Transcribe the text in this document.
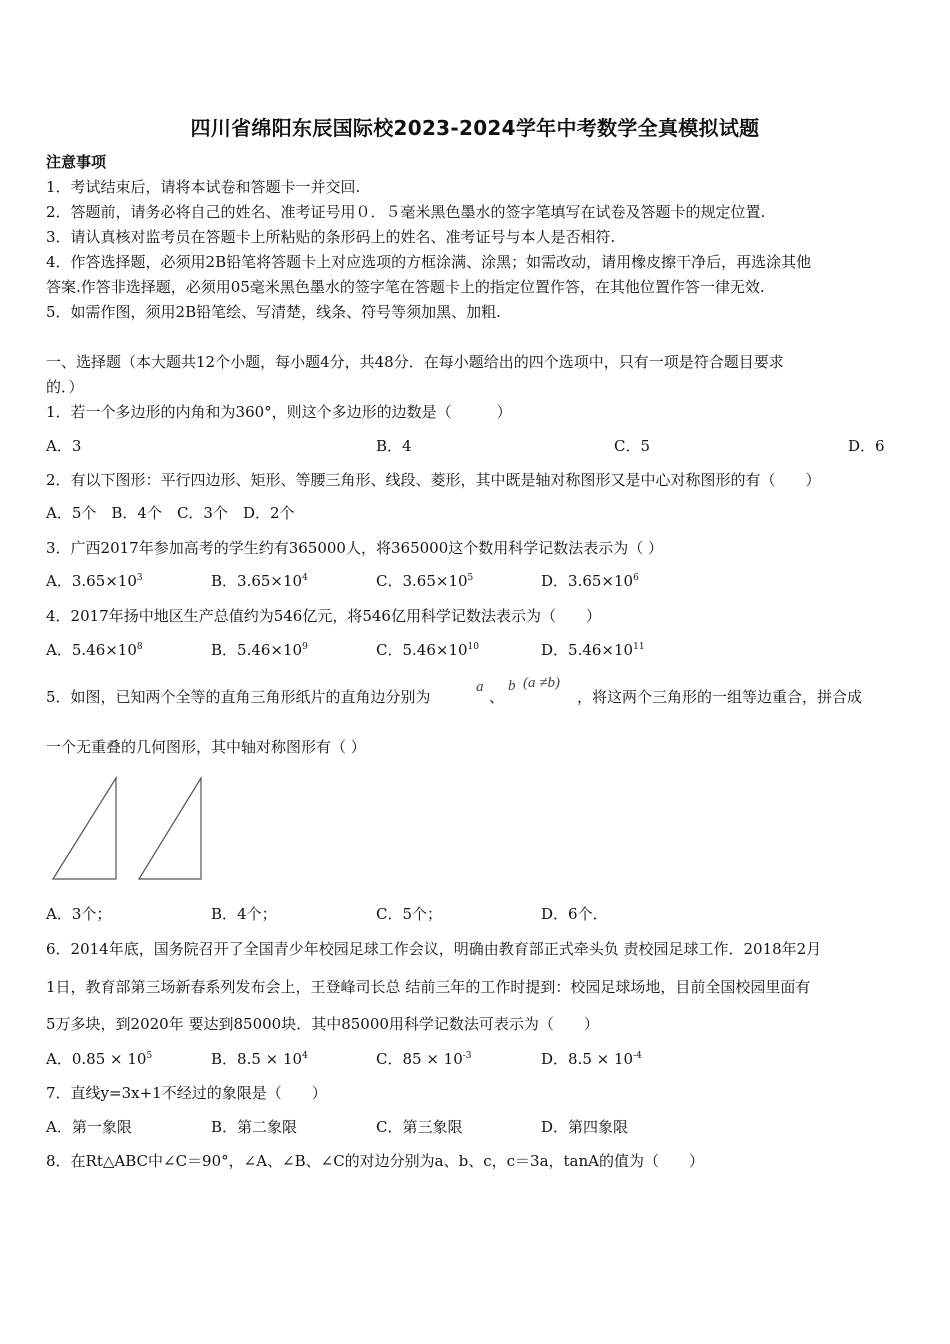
四川省绵阳东辰国际校2023-2024学年中考数学全真模拟试题
注意事项
1．考试结束后，请将本试卷和答题卡一并交回.
2．答题前，请务必将自己的姓名、准考证号用０．５毫米黑色墨水的签字笔填写在试卷及答题卡的规定位置.
3．请认真核对监考员在答题卡上所粘贴的条形码上的姓名、准考证号与本人是否相符.
4．作答选择题，必须用2B铅笔将答题卡上对应选项的方框涂满、涂黑；如需改动，请用橡皮擦干净后，再选涂其他
答案.作答非选择题，必须用05毫米黑色墨水的签字笔在答题卡上的指定位置作答，在其他位置作答一律无效.
5．如需作图，须用2B铅笔绘、写清楚，线条、符号等须加黑、加粗.
一、选择题（本大题共12个小题，每小题4分，共48分．在每小题给出的四个选项中，只有一项是符合题目要求
的．）
1．若一个多边形的内角和为360°，则这个多边形的边数是（　　　）
A．3	B．4	C．5	D．6
2．有以下图形：平行四边形、矩形、等腰三角形、线段、菱形，其中既是轴对称图形又是中心对称图形的有（　　）
A．5个　B．4个　C．3个　D．2个
3．广西2017年参加高考的学生约有365000人，将365000这个数用科学记数法表示为（ ）
A．$3.65\times 10^3$	B．$3.65\times 10^4$	C．$3.65\times 10^5$	D．$3.65\times 10^6$
4．2017年扬中地区生产总值约为546亿元，将546亿用科学记数法表示为（　　）
A．$5.46\times 10^8$	B．$5.46\times 10^9$	C．$5.46\times 10^{10}$	D．$5.46\times 10^{11}$
5．如图，已知两个全等的直角三角形纸片的直角边分别为
a
、
b (a ≠b)
，将这两个三角形的一组等边重合，拼合成
一个无重叠的几何图形，其中轴对称图形有（ ）
A．3个；	B．4个；	C．5个；	D．6个．
6．2014年底，国务院召开了全国青少年校园足球工作会议，明确由教育部正式牵头负 责校园足球工作．2018年2月
1日，教育部第三场新春系列发布会上，王登峰司长总 结前三年的工作时提到：校园足球场地，目前全国校园里面有
5万多块，到2020年 要达到85000块．其中85000用科学记数法可表示为（　　）
A．$0.85 \times 10^5$	B．$8.5 \times 10^4$	C．$85 \times 10^{-3}$	D．$8.5 \times 10^{-4}$
7．直线y=3x+1不经过的象限是（　　）
A．第一象限	B．第二象限	C．第三象限	D．第四象限
8．在Rt△ABC中∠C＝90°，∠A、∠B、∠C的对边分别为a、b、c，c＝3a，tanA的值为（　　）
